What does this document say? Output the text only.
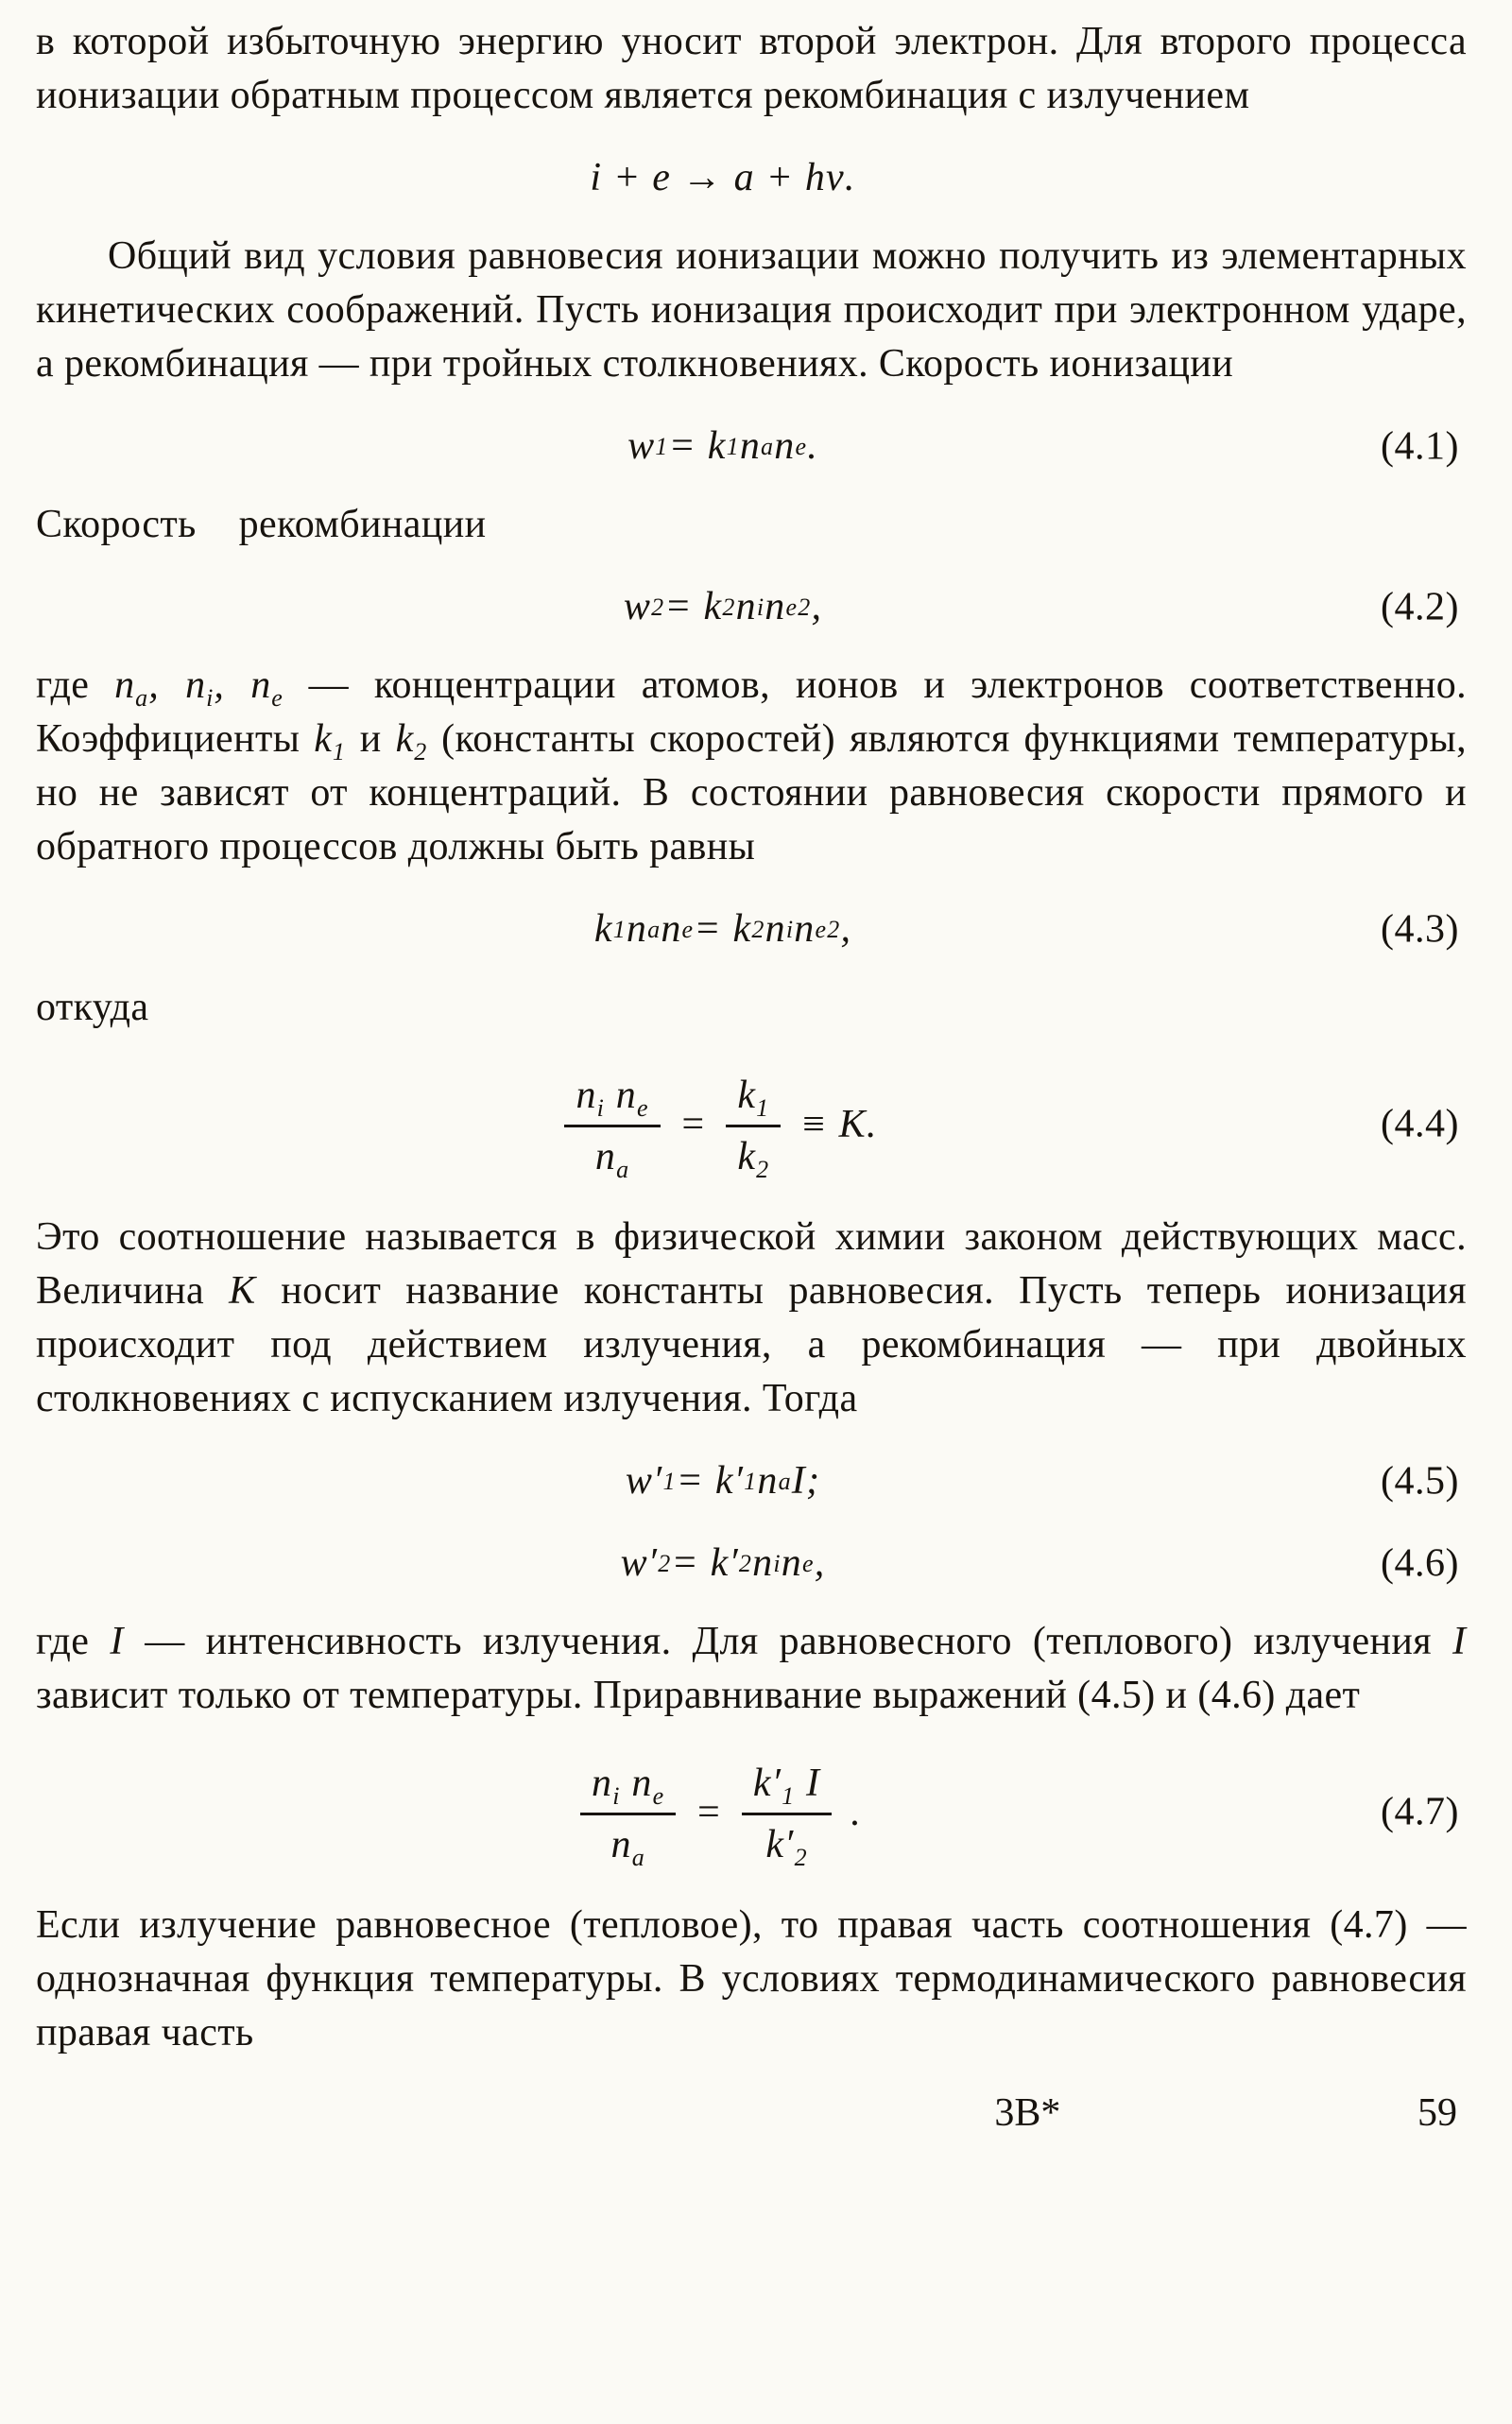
в которой избыточную энергию уносит второй электрон. Для второго процесса ионизации обратным процессом является рекомбинация с излучением

i + e → a + hν.

Общий вид условия равновесия ионизации можно получить из элементарных кинетических соображений. Пусть ионизация происходит при электронном ударе, а рекомбинация — при тройных столкновениях. Скорость ионизации

w 1 = k 1 n a n e .	(4.1)

Скорость рекомбинации

w 2 = k 2 n i n e 2 ,	(4.2)

где $n_a$, $n_i$, $n_e$ — концентрации атомов, ионов и электронов соответственно. Коэффициенты $k_1$ и $k_2$ (константы скоростей) являются функциями температуры, но не зависят от концентраций. В состоянии равновесия скорости прямого и обратного процессов должны быть равны

k 1 n a n e = k 2 n i n e 2 ,	(4.3)

откуда

$\frac{n_i n_e}{n_a} = \frac{k_1}{k_2} \equiv K$.	(4.4)

Это соотношение называется в физической химии законом действующих масс. Величина K носит название константы равновесия. Пусть теперь ионизация происходит под действием излучения, а рекомбинация — при двойных столкновениях с испусканием излучения. Тогда

w′ 1 = k′ 1 n a I;	(4.5)
w′ 2 = k′ 2 n i n e ,	(4.6)

где I — интенсивность излучения. Для равновесного (теплового) излучения I зависит только от температуры. Приравнивание выражений (4.5) и (4.6) дает

$\frac{n_i n_e}{n_a} = \frac{k'_1 I}{k'_2}$ .	(4.7)

Если излучение равновесное (тепловое), то правая часть соотношения (4.7) — однозначная функция температуры. В условиях термодинамического равновесия правая часть

3В*	59
